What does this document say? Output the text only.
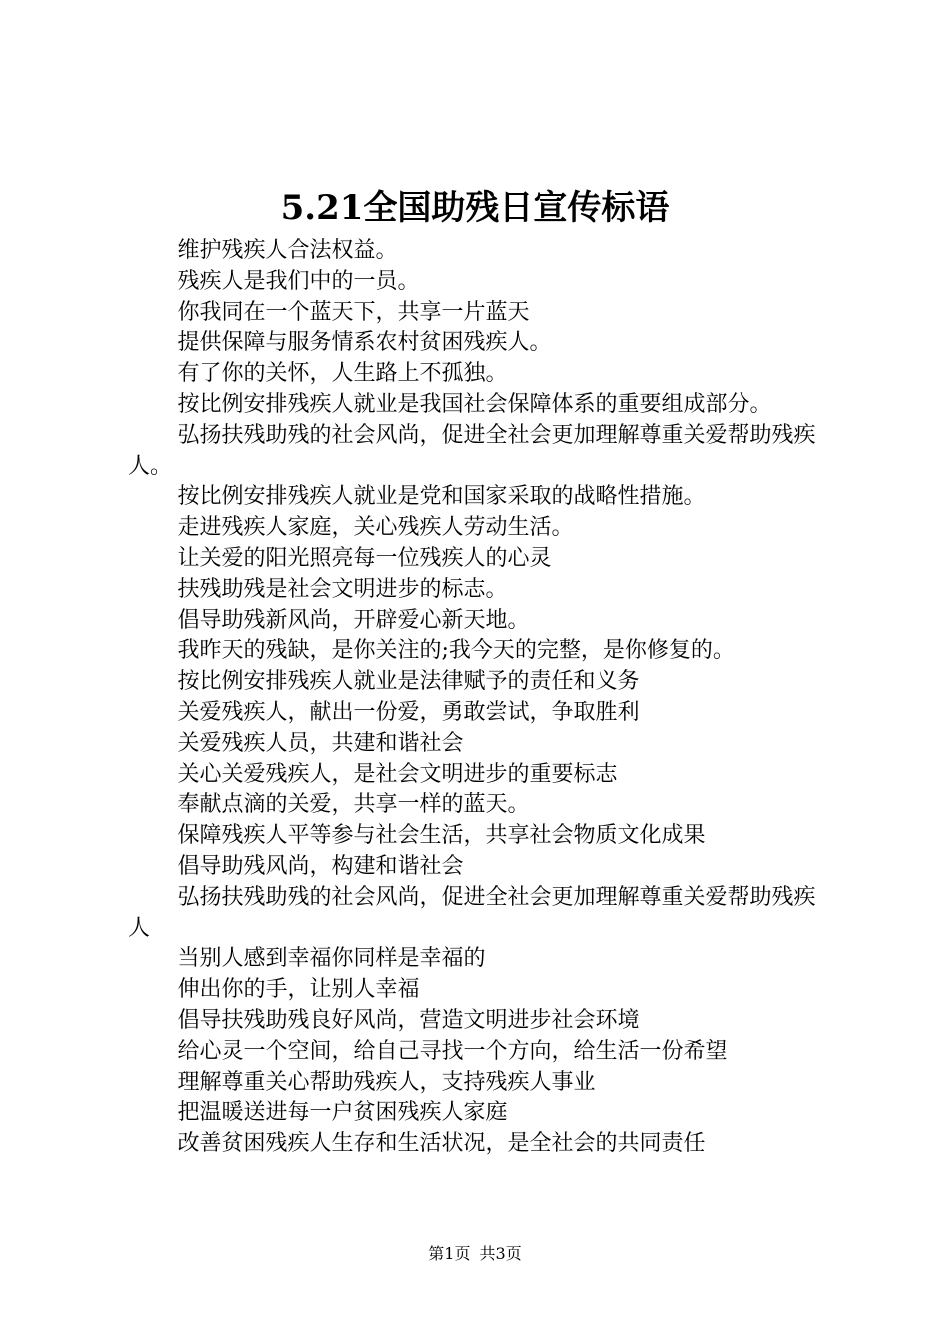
5.21全国助残日宣传标语

维护残疾人合法权益。

残疾人是我们中的一员。

你我同在一个蓝天下，共享一片蓝天

提供保障与服务情系农村贫困残疾人。

有了你的关怀，人生路上不孤独。

按比例安排残疾人就业是我国社会保障体系的重要组成部分。

弘扬扶残助残的社会风尚，促进全社会更加理解尊重关爱帮助残疾人。

按比例安排残疾人就业是党和国家采取的战略性措施。

走进残疾人家庭，关心残疾人劳动生活。

让关爱的阳光照亮每一位残疾人的心灵

扶残助残是社会文明进步的标志。

倡导助残新风尚，开辟爱心新天地。

我昨天的残缺，是你关注的;我今天的完整，是你修复的。

按比例安排残疾人就业是法律赋予的责任和义务

关爱残疾人，献出一份爱，勇敢尝试，争取胜利

关爱残疾人员，共建和谐社会

关心关爱残疾人，是社会文明进步的重要标志

奉献点滴的关爱，共享一样的蓝天。

保障残疾人平等参与社会生活，共享社会物质文化成果

倡导助残风尚，构建和谐社会

弘扬扶残助残的社会风尚，促进全社会更加理解尊重关爱帮助残疾人

当别人感到幸福你同样是幸福的

伸出你的手，让别人幸福

倡导扶残助残良好风尚，营造文明进步社会环境

给心灵一个空间，给自己寻找一个方向，给生活一份希望

理解尊重关心帮助残疾人，支持残疾人事业

把温暖送进每一户贫困残疾人家庭

改善贫困残疾人生存和生活状况，是全社会的共同责任

第1页 共3页
